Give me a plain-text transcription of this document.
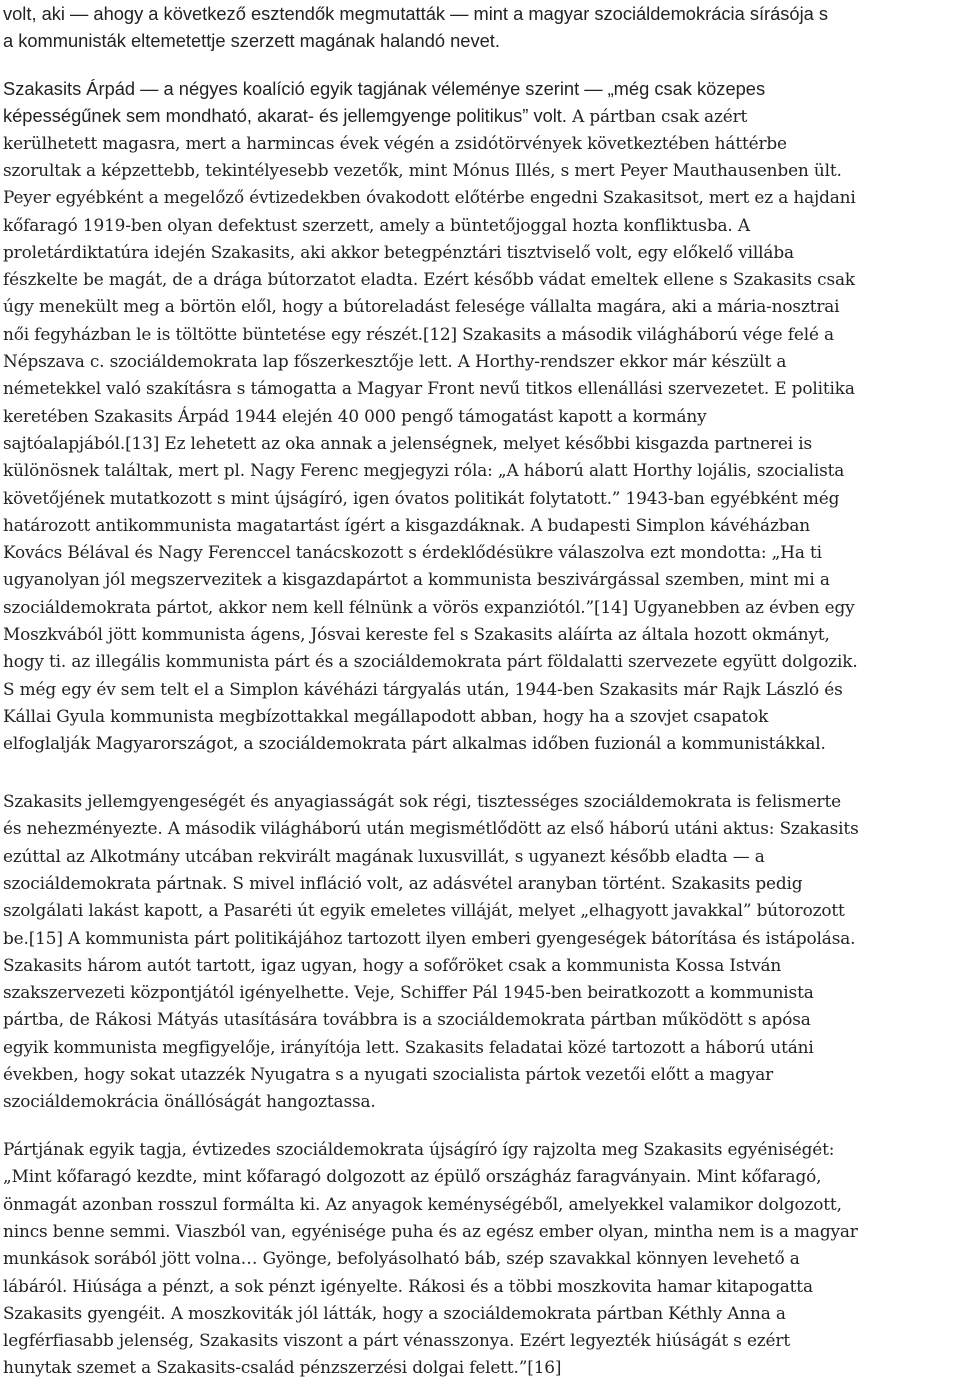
volt, aki — ahogy a következő esztendők megmutatták — mint a magyar szociáldemokrácia sírásója s
a kommunisták eltemetettje szerzett magának halandó nevet.
Szakasits Árpád — a négyes koalíció egyik tagjának véleménye szerint — „még csak közepes
képességűnek sem mondható, akarat- és jellemgyenge politikus” volt. A pártban csak azért
kerülhetett magasra, mert a harmincas évek végén a zsidótörvények következtében háttérbe
szorultak a képzettebb, tekintélyesebb vezetők, mint Mónus Illés, s mert Peyer Mauthausenben ült.
Peyer egyébként a megelőző évtizedekben óvakodott előtérbe engedni Szakasitsot, mert ez a hajdani
kőfaragó 1919-ben olyan defektust szerzett, amely a büntetőjoggal hozta konfliktusba. A
proletárdiktatúra idején Szakasits, aki akkor betegpénztári tisztviselő volt, egy előkelő villába
fészkelte be magát, de a drága bútorzatot eladta. Ezért később vádat emeltek ellene s Szakasits csak
úgy menekült meg a börtön elől, hogy a bútoreladást felesége vállalta magára, aki a mária-nosztrai
női fegyházban le is töltötte büntetése egy részét.[12] Szakasits a második világháború vége felé a
Népszava c. szociáldemokrata lap főszerkesztője lett. A Horthy-rendszer ekkor már készült a
németekkel való szakításra s támogatta a Magyar Front nevű titkos ellenállási szervezetet. E politika
keretében Szakasits Árpád 1944 elején 40 000 pengő támogatást kapott a kormány
sajtóalapjából.[13] Ez lehetett az oka annak a jelenségnek, melyet későbbi kisgazda partnerei is
különösnek találtak, mert pl. Nagy Ferenc megjegyzi róla: „A háború alatt Horthy lojális, szocialista
követőjének mutatkozott s mint újságíró, igen óvatos politikát folytatott.” 1943-ban egyébként még
határozott antikommunista magatartást ígért a kisgazdáknak. A budapesti Simplon kávéházban
Kovács Bélával és Nagy Ferenccel tanácskozott s érdeklődésükre válaszolva ezt mondotta: „Ha ti
ugyanolyan jól megszervezitek a kisgazdapártot a kommunista beszivárgással szemben, mint mi a
szociáldemokrata pártot, akkor nem kell félnünk a vörös expanziótól.”[14] Ugyanebben az évben egy
Moszkvából jött kommunista ágens, Jósvai kereste fel s Szakasits aláírta az általa hozott okmányt,
hogy ti. az illegális kommunista párt és a szociáldemokrata párt földalatti szervezete együtt dolgozik.
S még egy év sem telt el a Simplon kávéházi tárgyalás után, 1944-ben Szakasits már Rajk László és
Kállai Gyula kommunista megbízottakkal megállapodott abban, hogy ha a szovjet csapatok
elfoglalják Magyarországot, a szociáldemokrata párt alkalmas időben fuzionál a kommunistákkal.
Szakasits jellemgyengeségét és anyagiasságát sok régi, tisztességes szociáldemokrata is felismerte
és nehezményezte. A második világháború után megismétlődött az első háború utáni aktus: Szakasits
ezúttal az Alkotmány utcában rekvirált magának luxusvillát, s ugyanezt később eladta — a
szociáldemokrata pártnak. S mivel infláció volt, az adásvétel aranyban történt. Szakasits pedig
szolgálati lakást kapott, a Pasaréti út egyik emeletes villáját, melyet „elhagyott javakkal” bútorozott
be.[15] A kommunista párt politikájához tartozott ilyen emberi gyengeségek bátorítása és istápolása.
Szakasits három autót tartott, igaz ugyan, hogy a sofőröket csak a kommunista Kossa István
szakszervezeti központjától igényelhette. Veje, Schiffer Pál 1945-ben beiratkozott a kommunista
pártba, de Rákosi Mátyás utasítására továbbra is a szociáldemokrata pártban működött s apósa
egyik kommunista megfigyelője, irányítója lett. Szakasits feladatai közé tartozott a háború utáni
években, hogy sokat utazzék Nyugatra s a nyugati szocialista pártok vezetői előtt a magyar
szociáldemokrácia önállóságát hangoztassa.
Pártjának egyik tagja, évtizedes szociáldemokrata újságíró így rajzolta meg Szakasits egyéniségét:
„Mint kőfaragó kezdte, mint kőfaragó dolgozott az épülő országház faragványain. Mint kőfaragó,
önmagát azonban rosszul formálta ki. Az anyagok keménységéből, amelyekkel valamikor dolgozott,
nincs benne semmi. Viaszból van, egyénisége puha és az egész ember olyan, mintha nem is a magyar
munkások sorából jött volna… Gyönge, befolyásolható báb, szép szavakkal könnyen levehető a
lábáról. Hiúsága a pénzt, a sok pénzt igényelte. Rákosi és a többi moszkovita hamar kitapogatta
Szakasits gyengéit. A moszkoviták jól látták, hogy a szociáldemokrata pártban Kéthly Anna a
legférfiasabb jelenség, Szakasits viszont a párt vénasszonya. Ezért legyezték hiúságát s ezért
hunytak szemet a Szakasits-család pénzszerzési dolgai felett.”[16]
